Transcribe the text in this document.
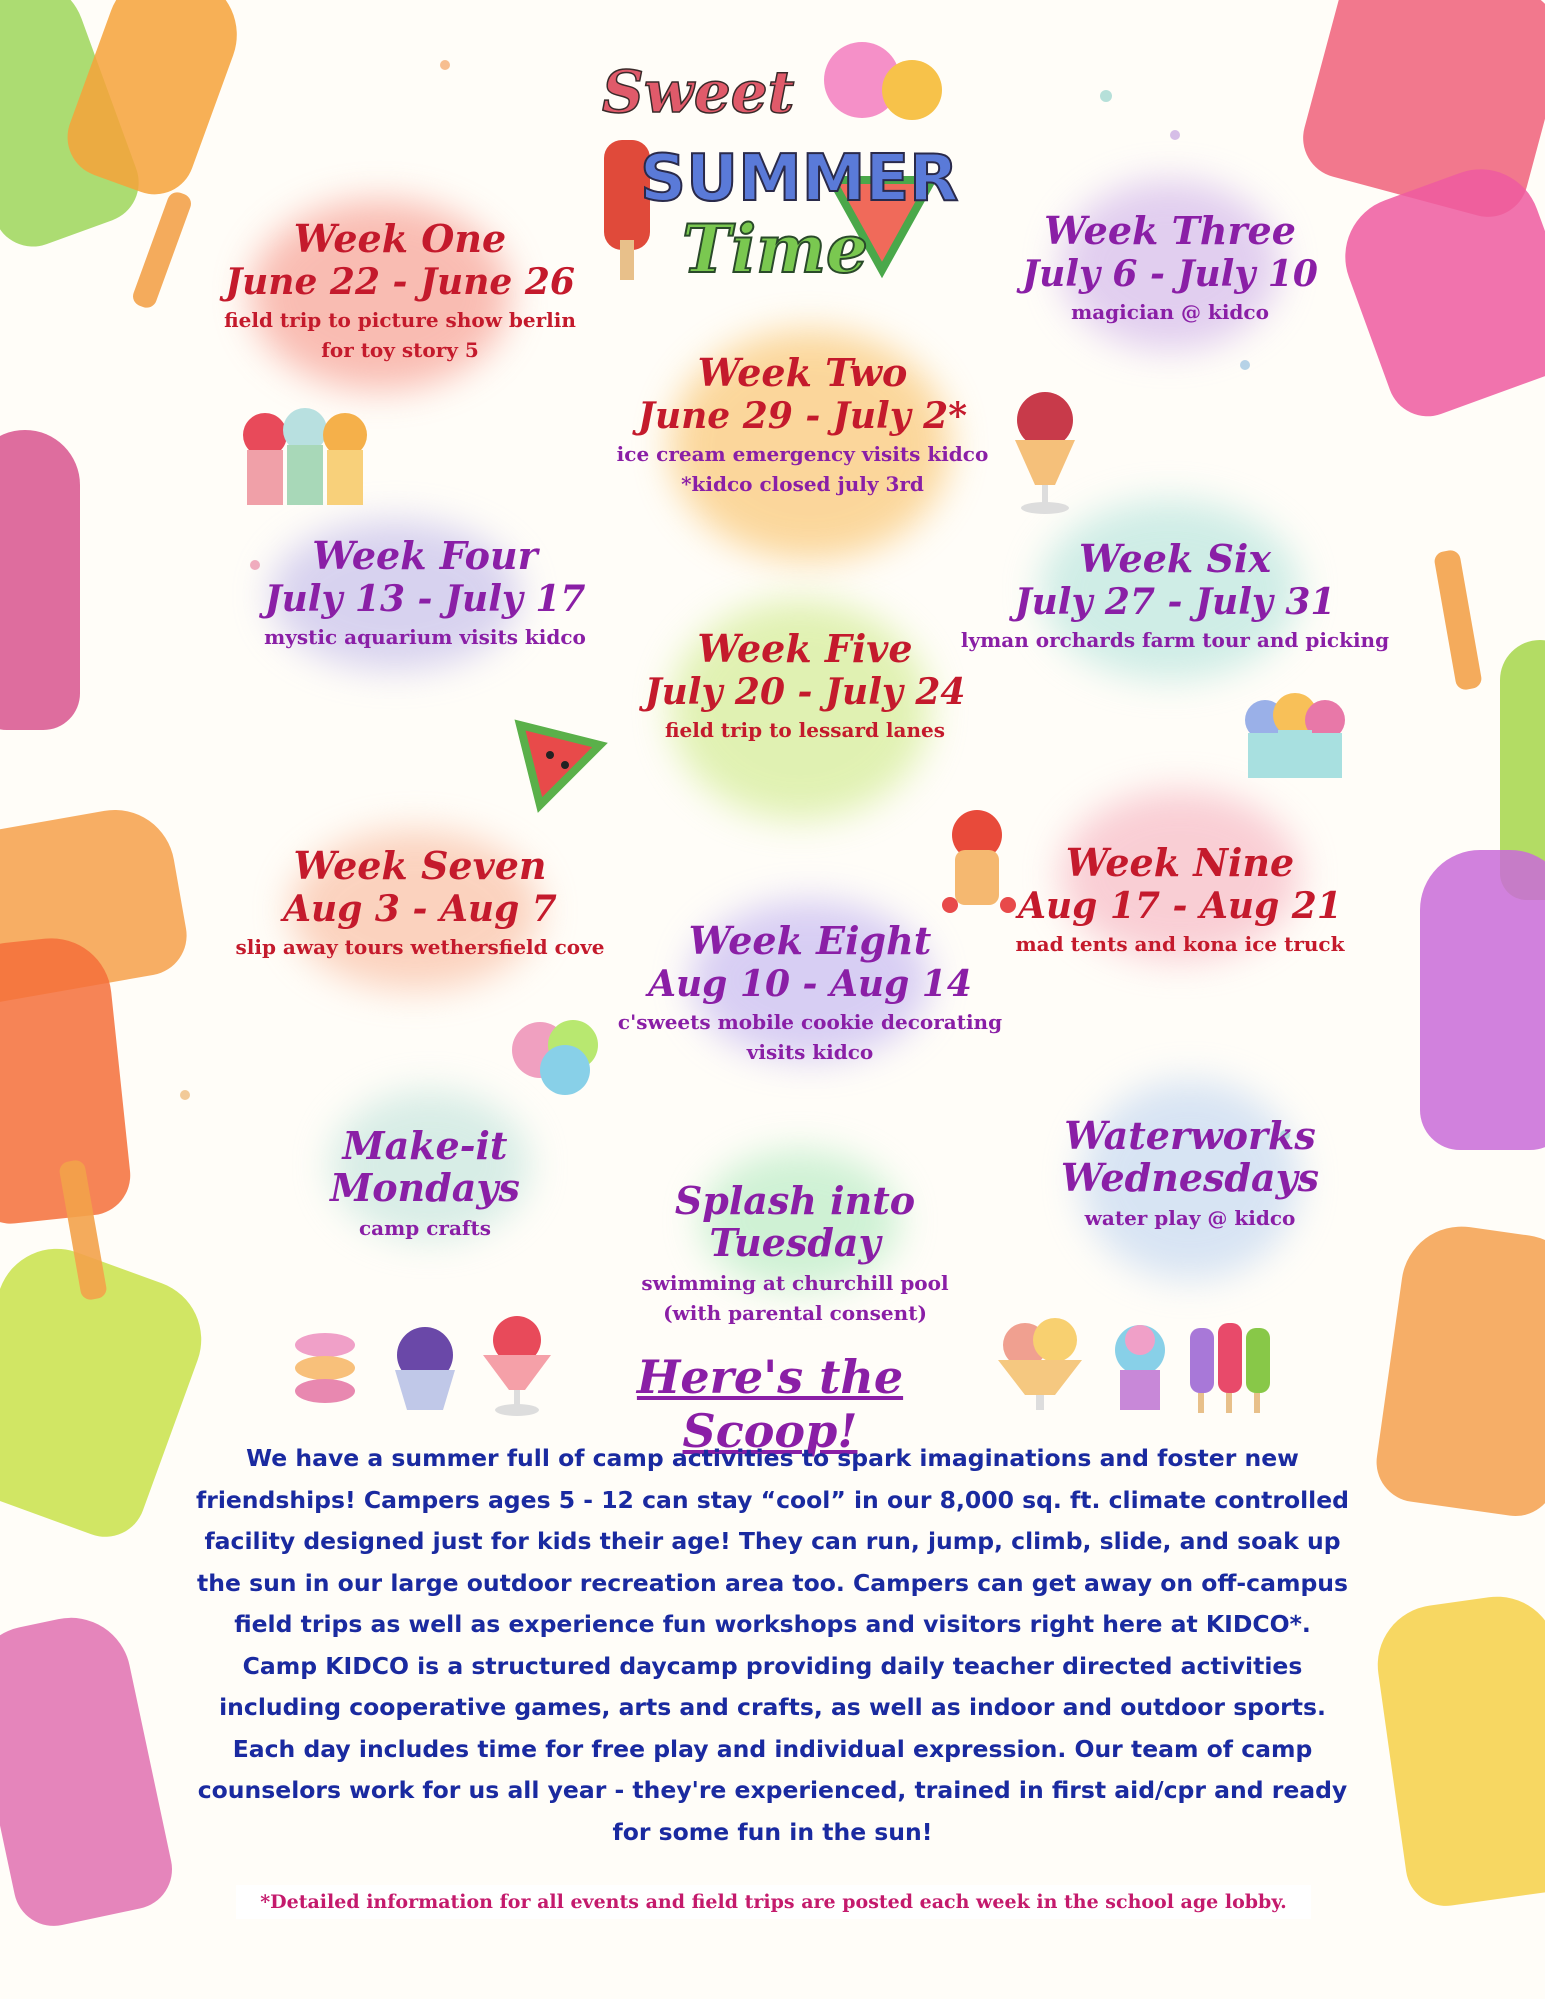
Sweet
SUMMER
Time
Week One
June 22 - June 26
field trip to picture show berlin
for toy story 5
Week Two
June 29 - July 2*
ice cream emergency visits kidco
*kidco closed july 3rd
Week Three
July 6 - July 10
magician @ kidco
Week Four
July 13 - July 17
mystic aquarium visits kidco	Week Five
July 20 - July 24
field trip to lessard lanes
Week Six
July 27 - July 31
lyman orchards farm tour and picking
Week Seven
Aug 3 - Aug 7
slip away tours wethersfield cove	Week Eight
Aug 10 - Aug 14
c'sweets mobile cookie decorating
visits kidco
Week Nine
Aug 17 - Aug 21
mad tents and kona ice truck
Make-it Mondays
camp crafts
Splash into Tuesday
swimming at churchill pool
(with parental consent)
Waterworks Wednesdays
water play @ kidco
Here's the Scoop!
We have a summer full of camp activities to spark imaginations and foster new friendships! Campers ages 5 - 12 can stay “cool” in our 8,000 sq. ft. climate controlled facility designed just for kids their age! They can run, jump, climb, slide, and soak up the sun in our large outdoor recreation area too. Campers can get away on off-campus field trips as well as experience fun workshops and visitors right here at KIDCO*. Camp KIDCO is a structured daycamp providing daily teacher directed activities including cooperative games, arts and crafts, as well as indoor and outdoor sports. Each day includes time for free play and individual expression. Our team of camp counselors work for us all year - they're experienced, trained in first aid/cpr and ready for some fun in the sun!
*Detailed information for all events and field trips are posted each week in the school age lobby.
